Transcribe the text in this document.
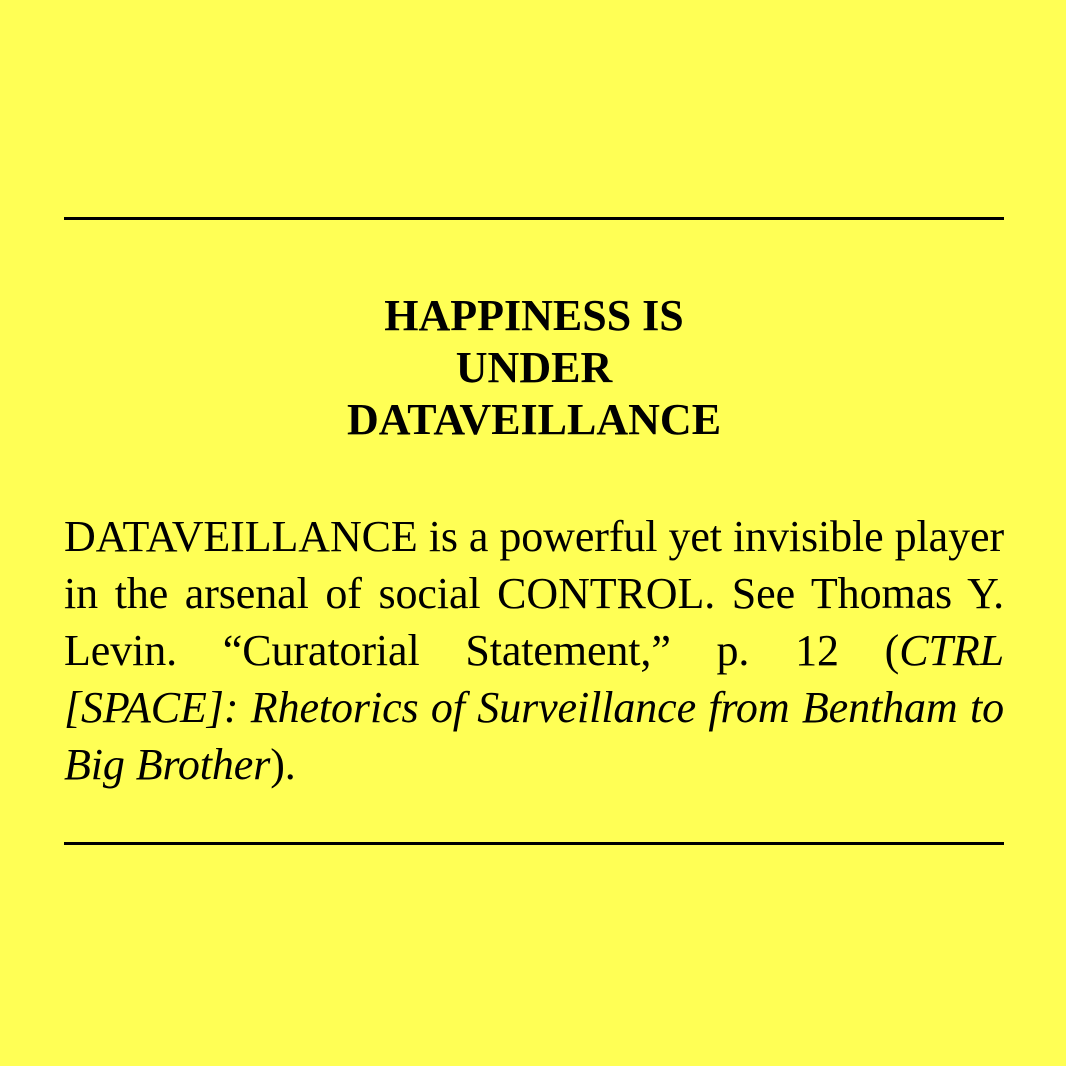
HAPPINESS IS
UNDER
DATAVEILLANCE

DATAVEILLANCE is a powerful yet invisible player in the arsenal of social CONTROL. See Thomas Y. Levin. “Curatorial Statement,” p. 12 (CTRL [SPACE]: Rhetorics of Surveillance from Bentham to Big Brother).
